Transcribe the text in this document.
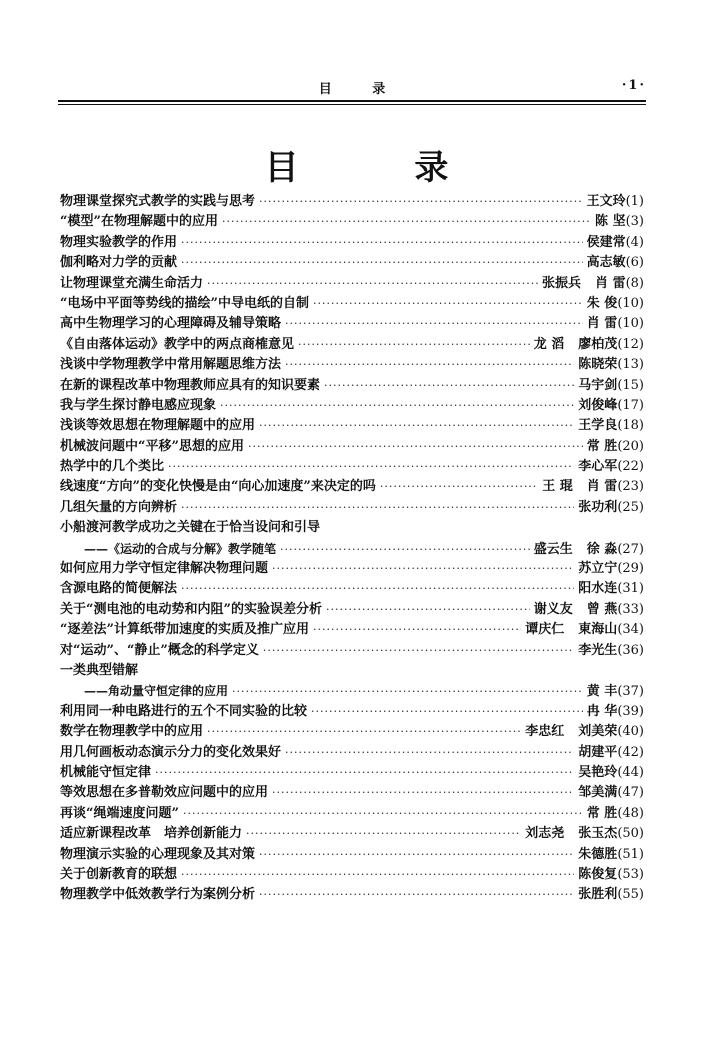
目 录	·1·
目 录
物理课堂探究式教学的实践与思考 ·····	王文玲(1)
“模型”在物理解题中的应用 ·····	陈 坚(3)
物理实验教学的作用 ·····	侯建常(4)
伽利略对力学的贡献 ·····	高志敏(6)
让物理课堂充满生命活力 ·····	张振兵 肖 雷(8)
“电场中平面等势线的描绘”中导电纸的自制 ·····	朱 俊(10)
高中生物理学习的心理障碍及辅导策略 ·····	肖 雷(10)
《自由落体运动》教学中的两点商榷意见 ·····	龙 滔 廖柏茂(12)
浅谈中学物理教学中常用解题思维方法 ·····	陈晓荣(13)
在新的课程改革中物理教师应具有的知识要素 ·····	马宇剑(15)
我与学生探讨静电感应现象 ·····	刘俊峰(17)
浅谈等效思想在物理解题中的应用 ·····	王学良(18)
机械波问题中“平移”思想的应用 ·····	常 胜(20)
热学中的几个类比 ·····	李心军(22)
线速度“方向”的变化快慢是由“向心加速度”来决定的吗 ·····	王 琨 肖 雷(23)
几组矢量的方向辨析 ·····	张功利(25)
小船渡河教学成功之关键在于恰当设问和引导
——《运动的合成与分解》教学随笔 ·····	盛云生 徐 淼(27)
如何应用力学守恒定律解决物理问题 ·····	苏立宁(29)
含源电路的简便解法 ·····	阳水连(31)
关于“测电池的电动势和内阻”的实验误差分析 ·····	谢义友 曾 燕(33)
“逐差法”计算纸带加速度的实质及推广应用 ·····	谭庆仁 東海山(34)
对“运动”、“静止”概念的科学定义 ·····	李光生(36)
一类典型错解
——角动量守恒定律的应用 ·····	黄 丰(37)
利用同一种电路进行的五个不同实验的比较 ·····	冉 华(39)
数学在物理教学中的应用 ·····	李忠红 刘美荣(40)
用几何画板动态演示分力的变化效果好 ·····	胡建平(42)
机械能守恒定律 ·····	吴艳玲(44)
等效思想在多普勒效应问题中的应用 ·····	邹美满(47)
再谈“绳端速度问题” ·····	常 胜(48)
适应新课程改革　培养创新能力 ·····	刘志尧 张玉杰(50)
物理演示实验的心理现象及其对策 ·····	朱德胜(51)
关于创新教育的联想 ·····	陈俊复(53)
物理教学中低效教学行为案例分析 ·····	张胜利(55)
